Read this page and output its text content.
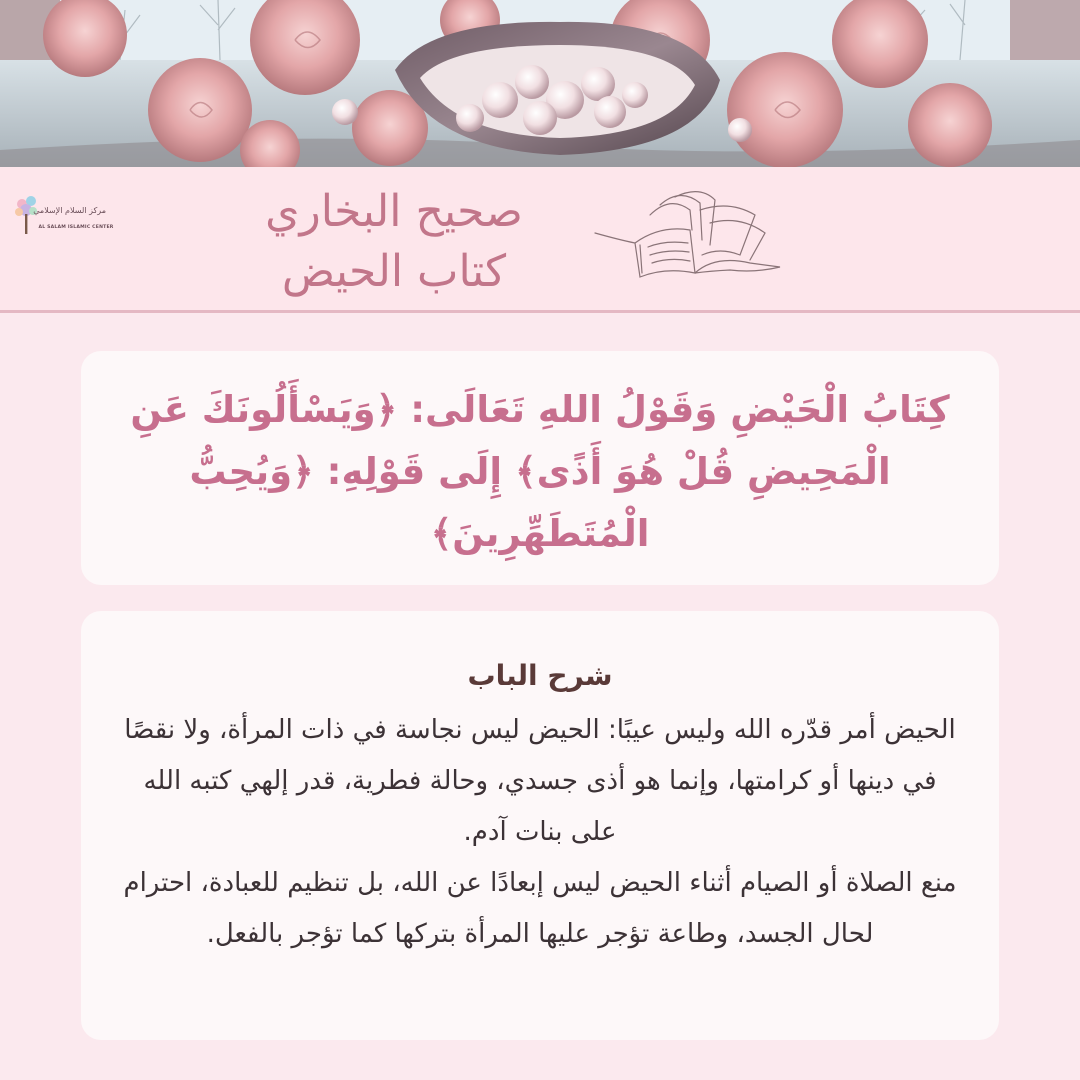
مركز السلام الإسلامي
AL SALAM ISLAMIC CENTER	صحيح البخاري
كتاب الحيض
كِتَابُ الْحَيْضِ وَقَوْلُ اللهِ تَعَالَى: ﴿وَيَسْأَلُونَكَ عَنِ الْمَحِيضِ قُلْ هُوَ أَذًى﴾ إِلَى قَوْلِهِ: ﴿وَيُحِبُّ الْمُتَطَهِّرِينَ﴾
شرح الباب

الحيض أمر قدّره الله وليس عيبًا: الحيض ليس نجاسة في ذات المرأة، ولا نقصًا في دينها أو كرامتها، وإنما هو أذى جسدي، وحالة فطرية، قدر إلهي كتبه الله على بنات آدم.

منع الصلاة أو الصيام أثناء الحيض ليس إبعادًا عن الله، بل تنظيم للعبادة، احترام لحال الجسد، وطاعة تؤجر عليها المرأة بتركها كما تؤجر بالفعل.
